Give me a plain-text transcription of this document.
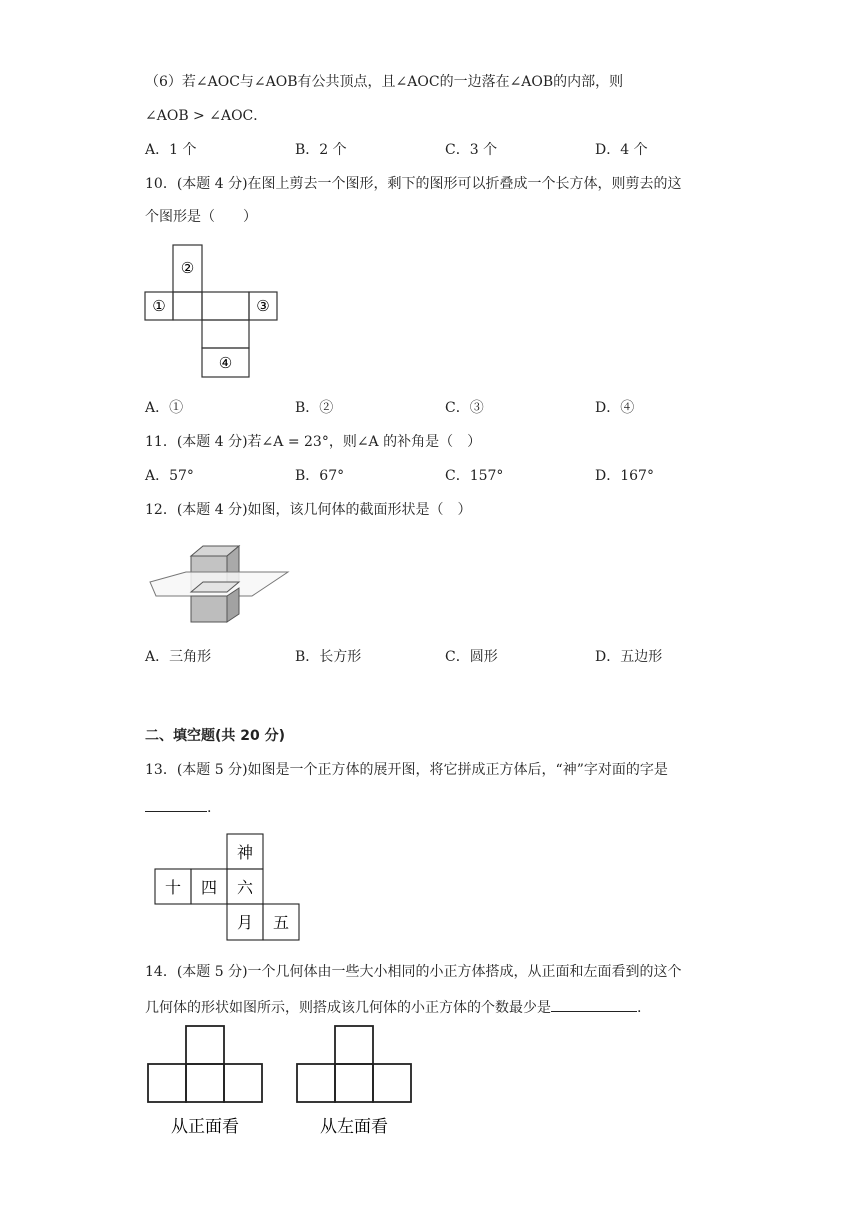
（6）若∠AOC与∠AOB有公共顶点，且∠AOC的一边落在∠AOB的内部，则
∠AOB > ∠AOC．
A．1 个	B．2 个	C．3 个	D．4 个
10．(本题 4 分)在图上剪去一个图形，剩下的图形可以折叠成一个长方体，则剪去的这
个图形是（　　）
②
①	③
④
A．①	B．②	C．③	D．④
11．(本题 4 分)若∠A = 23°，则∠A 的补角是（　）
A．57°	B．67°	C．157°	D．167°
12．(本题 4 分)如图，该几何体的截面形状是（　）
A．三角形	B．长方形	C．圆形	D．五边形
二、填空题(共 20 分)
13．(本题 5 分)如图是一个正方体的展开图，将它拼成正方体后，“神”字对面的字是
.
神
十 四 六
月 五
14．(本题 5 分)一个几何体由一些大小相同的小正方体搭成，从正面和左面看到的这个
几何体的形状如图所示，则搭成该几何体的小正方体的个数最少是	.
从正面看	从左面看
